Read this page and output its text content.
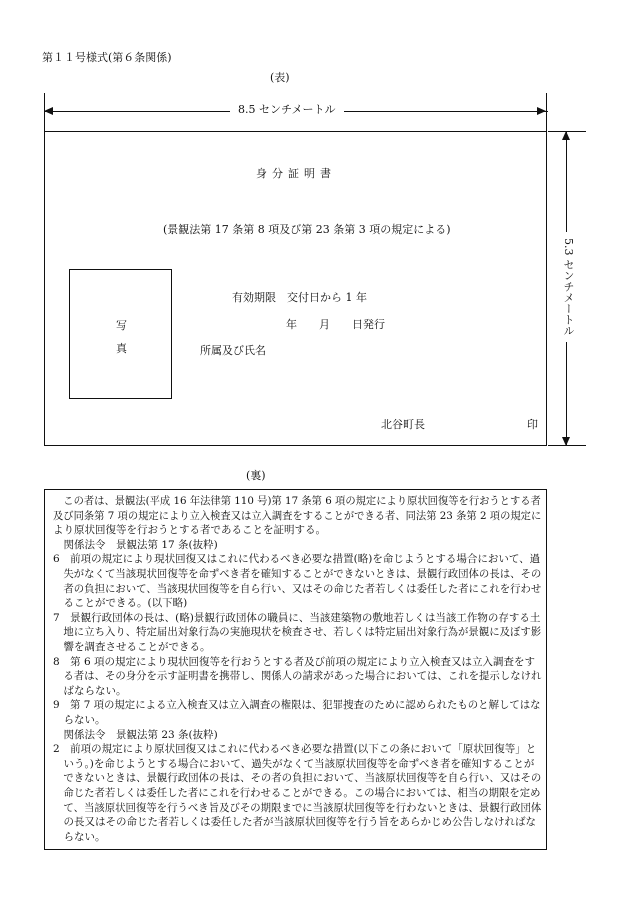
第１１号様式(第６条関係)
(表)
8.5 センチメートル
身分証明書
(景観法第 17 条第 8 項及び第 23 条第 3 項の規定による)
写
真
有効期限　交付日から 1 年
年　　月　　日発行
所属及び氏名
北谷町長	印
5.3 センチメートル
(裏)
　この者は、景観法(平成 16 年法律第 110 号)第 17 条第 6 項の規定により原状回復等を行おうとする者
及び同条第 7 項の規定により立入検査又は立入調査をすることができる者、同法第 23 条第 2 項の規定に
より原状回復等を行おうとする者であることを証明する。
　関係法令　景観法第 17 条(抜粋)
6　前項の規定により現状回復又はこれに代わるべき必要な措置(略)を命じようとする場合において、過
　失がなくて当該現状回復等を命ずべき者を確知することができないときは、景観行政団体の長は、その
　者の負担において、当該現状回復等を自ら行い、又はその命じた者若しくは委任した者にこれを行わせ
　ることができる。(以下略)
7　景観行政団体の長は、(略)景観行政団体の職員に、当該建築物の敷地若しくは当該工作物の存する土
　地に立ち入り、特定届出対象行為の実施現状を検査させ、若しくは特定届出対象行為が景観に及ぼす影
　響を調査させることができる。
8　第 6 項の規定により現状回復等を行おうとする者及び前項の規定により立入検査又は立入調査をす
　る者は、その身分を示す証明書を携帯し、関係人の請求があった場合においては、これを提示しなけれ
　ばならない。
9　第 7 項の規定による立入検査又は立入調査の権限は、犯罪捜査のために認められたものと解してはな
　らない。
　関係法令　景観法第 23 条(抜粋)
2　前項の規定により原状回復又はこれに代わるべき必要な措置(以下この条において「原状回復等」と
　いう。)を命じようとする場合において、過失がなくて当該原状回復等を命ずべき者を確知することが
　できないときは、景観行政団体の長は、その者の負担において、当該原状回復等を自ら行い、又はその
　命じた者若しくは委任した者にこれを行わせることができる。この場合においては、相当の期限を定め
　て、当該原状回復等を行うべき旨及びその期限までに当該原状回復等を行わないときは、景観行政団体
　の長又はその命じた者若しくは委任した者が当該原状回復等を行う旨をあらかじめ公告しなければな
　らない。
